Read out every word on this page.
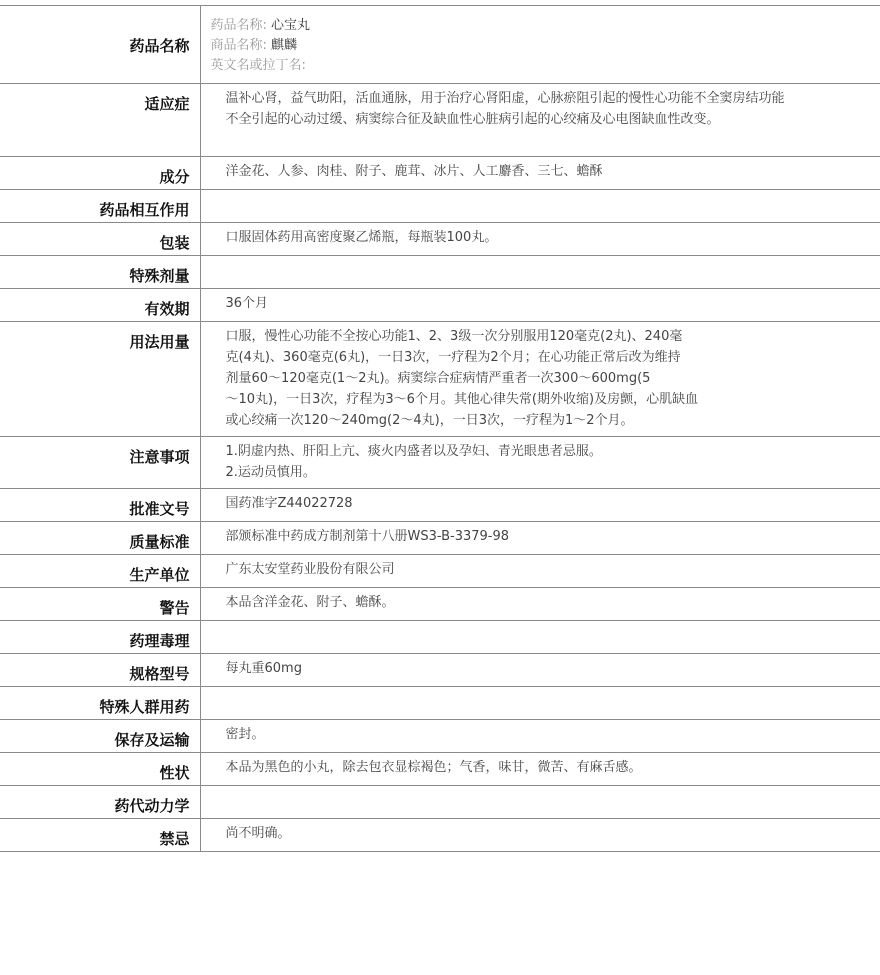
药品名称	药品名称: 心宝丸
商品名称: 麒麟
英文名或拉丁名:

适应症	温补心肾，益气助阳，活血通脉，用于治疗心肾阳虚，心脉瘀阻引起的慢性心功能不全窦房结功能不全引起的心动过缓、病窦综合征及缺血性心脏病引起的心绞痛及心电图缺血性改变。
成分	洋金花、人参、肉桂、附子、鹿茸、冰片、人工麝香、三七、蟾酥
药品相互作用	
包装	口服固体药用高密度聚乙烯瓶，每瓶装100丸。
特殊剂量	
有效期	36个月
用法用量	口服，慢性心功能不全按心功能1、2、3级一次分别服用120毫克(2丸)、240毫
克(4丸)、360毫克(6丸)，一日3次，一疗程为2个月；在心功能正常后改为维持
剂量60～120毫克(1～2丸)。病窦综合症病情严重者一次300～600mg(5
～10丸)，一日3次，疗程为3～6个月。其他心律失常(期外收缩)及房颤，心肌缺血
或心绞痛一次120～240mg(2～4丸)，一日3次，一疗程为1～2个月。

注意事项	1.阴虚内热、肝阳上亢、痰火内盛者以及孕妇、青光眼患者忌服。
2.运动员慎用。

批准文号	国药准字Z44022728
质量标准	部颁标准中药成方制剂第十八册WS3-B-3379-98
生产单位	广东太安堂药业股份有限公司
警告	本品含洋金花、附子、蟾酥。
药理毒理	
规格型号	每丸重60mg
特殊人群用药	
保存及运输	密封。
性状	本品为黑色的小丸，除去包衣显棕褐色；气香，味甘，微苦、有麻舌感。
药代动力学	
禁忌	尚不明确。
